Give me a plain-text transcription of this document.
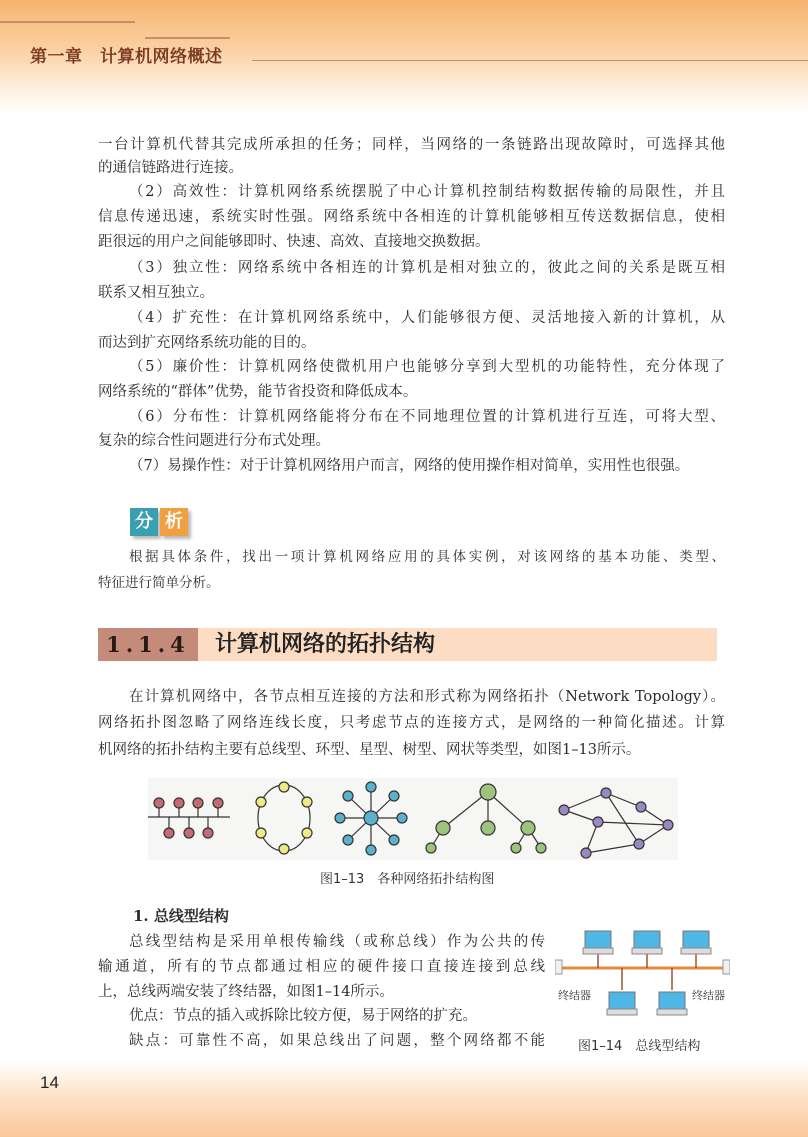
第一章　计算机网络概述
14
一台计算机代替其完成所承担的任务；同样，当网络的一条链路出现故障时，可选择其他
的通信链路进行连接。
（2）高效性：计算机网络系统摆脱了中心计算机控制结构数据传输的局限性，并且
信息传递迅速，系统实时性强。网络系统中各相连的计算机能够相互传送数据信息，使相
距很远的用户之间能够即时、快速、高效、直接地交换数据。
（3）独立性：网络系统中各相连的计算机是相对独立的，彼此之间的关系是既互相
联系又相互独立。
（4）扩充性：在计算机网络系统中，人们能够很方便、灵活地接入新的计算机，从
而达到扩充网络系统功能的目的。
（5）廉价性：计算机网络使微机用户也能够分享到大型机的功能特性，充分体现了
网络系统的“群体”优势，能节省投资和降低成本。
（6）分布性：计算机网络能将分布在不同地理位置的计算机进行互连，可将大型、
复杂的综合性问题进行分布式处理。
（7）易操作性：对于计算机网络用户而言，网络的使用操作相对简单，实用性也很强。
分 析
根据具体条件，找出一项计算机网络应用的具体实例，对该网络的基本功能、类型、
特征进行简单分析。
1.1.4	计算机网络的拓扑结构
在计算机网络中，各节点相互连接的方法和形式称为网络拓扑（Network Topology）。
网络拓扑图忽略了网络连线长度，只考虑节点的连接方式，是网络的一种简化描述。计算
机网络的拓扑结构主要有总线型、环型、星型、树型、网状等类型，如图1–13所示。
图1–13　各种网络拓扑结构图
1. 总线型结构
总线型结构是采用单根传输线（或称总线）作为公共的传
输通道，所有的节点都通过相应的硬件接口直接连接到总线
上，总线两端安装了终结器，如图1–14所示。
优点：节点的插入或拆除比较方便，易于网络的扩充。
缺点：可靠性不高，如果总线出了问题，整个网络都不能
终结器	终结器
图1–14　总线型结构
